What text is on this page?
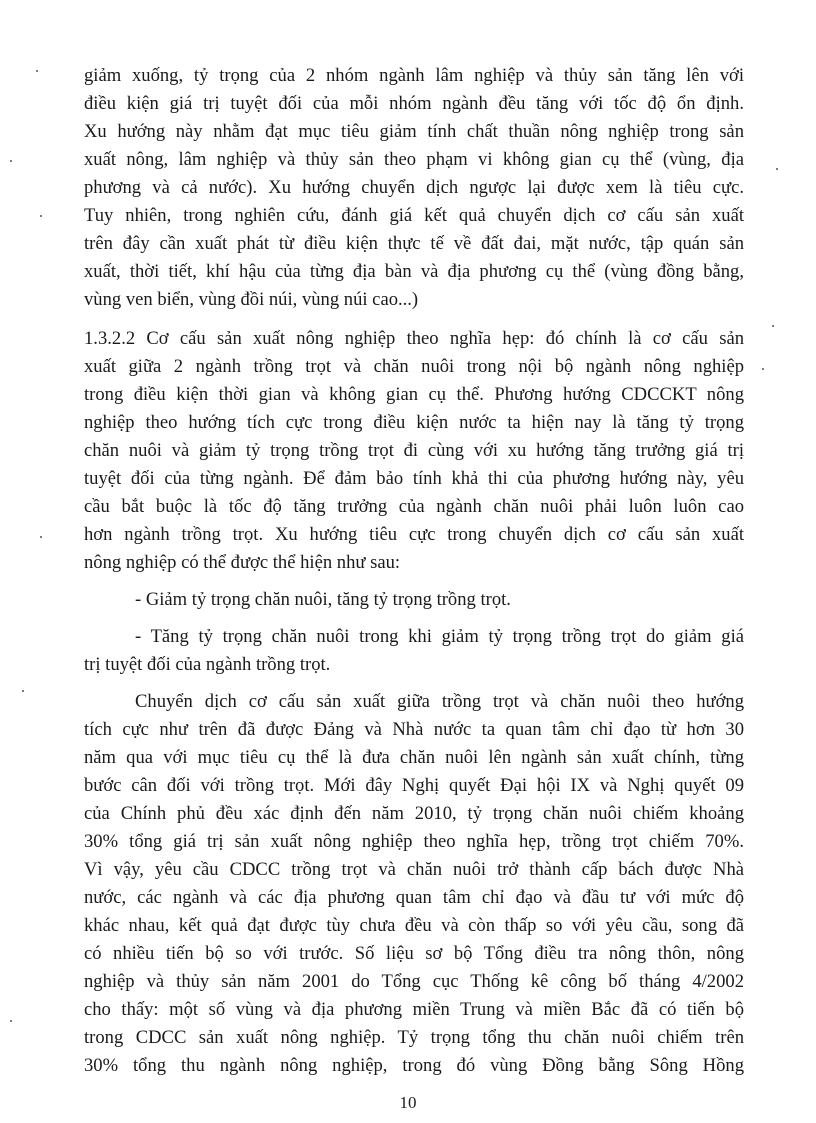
giảm xuống, tỷ trọng của 2 nhóm ngành lâm nghiệp và thủy sản tăng lên với
điều kiện giá trị tuyệt đối của mỗi nhóm ngành đều tăng với tốc độ ổn định.
Xu hướng này nhằm đạt mục tiêu giảm tính chất thuần nông nghiệp trong sản
xuất nông, lâm nghiệp và thủy sản theo phạm vi không gian cụ thể (vùng, địa
phương và cả nước). Xu hướng chuyển dịch ngược lại được xem là tiêu cực.
Tuy nhiên, trong nghiên cứu, đánh giá kết quả chuyển dịch cơ cấu sản xuất
trên đây cần xuất phát từ điều kiện thực tế về đất đai, mặt nước, tập quán sản
xuất, thời tiết, khí hậu của từng địa bàn và địa phương cụ thể (vùng đồng bằng,
vùng ven biển, vùng đồi núi, vùng núi cao...)
1.3.2.2 Cơ cấu sản xuất nông nghiệp theo nghĩa hẹp: đó chính là cơ cấu sản
xuất giữa 2 ngành trồng trọt và chăn nuôi trong nội bộ ngành nông nghiệp
trong điều kiện thời gian và không gian cụ thể. Phương hướng CDCCKT nông
nghiệp theo hướng tích cực trong điều kiện nước ta hiện nay là tăng tỷ trọng
chăn nuôi và giảm tỷ trọng trồng trọt đi cùng với xu hướng tăng trưởng giá trị
tuyệt đối của từng ngành. Để đảm bảo tính khả thi của phương hướng này, yêu
cầu bắt buộc là tốc độ tăng trưởng của ngành chăn nuôi phải luôn luôn cao
hơn ngành trồng trọt. Xu hướng tiêu cực trong chuyển dịch cơ cấu sản xuất
nông nghiệp có thể được thể hiện như sau:
- Giảm tỷ trọng chăn nuôi, tăng tỷ trọng trồng trọt.
- Tăng tỷ trọng chăn nuôi trong khi giảm tỷ trọng trồng trọt do giảm giá
trị tuyệt đối của ngành trồng trọt.
Chuyển dịch cơ cấu sản xuất giữa trồng trọt và chăn nuôi theo hướng
tích cực như trên đã được Đảng và Nhà nước ta quan tâm chỉ đạo từ hơn 30
năm qua với mục tiêu cụ thể là đưa chăn nuôi lên ngành sản xuất chính, từng
bước cân đối với trồng trọt. Mới đây Nghị quyết Đại hội IX và Nghị quyết 09
của Chính phủ đều xác định đến năm 2010, tỷ trọng chăn nuôi chiếm khoảng
30% tổng giá trị sản xuất nông nghiệp theo nghĩa hẹp, trồng trọt chiếm 70%.
Vì vậy, yêu cầu CDCC trồng trọt và chăn nuôi trở thành cấp bách được Nhà
nước, các ngành và các địa phương quan tâm chỉ đạo và đầu tư với mức độ
khác nhau, kết quả đạt được tùy chưa đều và còn thấp so với yêu cầu, song đã
có nhiều tiến bộ so với trước. Số liệu sơ bộ Tổng điều tra nông thôn, nông
nghiệp và thủy sản năm 2001 do Tổng cục Thống kê công bố tháng 4/2002
cho thấy: một số vùng và địa phương miền Trung và miền Bắc đã có tiến bộ
trong CDCC sản xuất nông nghiệp. Tỷ trọng tổng thu chăn nuôi chiếm trên
30% tổng thu ngành nông nghiệp, trong đó vùng Đồng bằng Sông Hồng
10
